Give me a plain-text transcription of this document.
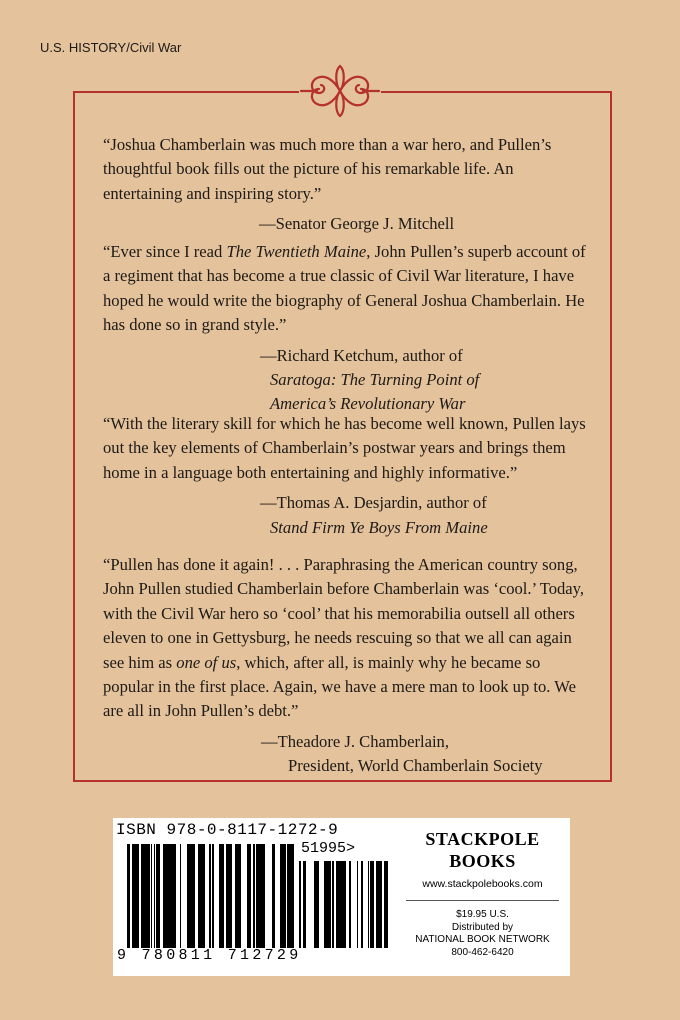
U.S. HISTORY/Civil War

“Joshua Chamberlain was much more than a war hero, and Pullen’s thoughtful book fills out the picture of his remarkable life. An entertaining and inspiring story.”

—Senator George J. Mitchell

“Ever since I read The Twentieth Maine, John Pullen’s superb account of a regiment that has become a true classic of Civil War literature, I have hoped he would write the biography of General Joshua Chamberlain. He has done so in grand style.”

—Richard Ketchum, author of
Saratoga: The Turning Point of
America’s Revolutionary War

“With the literary skill for which he has become well known, Pullen lays out the key elements of Chamberlain’s postwar years and brings them home in a language both entertaining and highly informative.”

—Thomas A. Desjardin, author of
Stand Firm Ye Boys From Maine

“Pullen has done it again! . . . Paraphrasing the American country song, John Pullen studied Chamberlain before Chamberlain was ‘cool.’ Today, with the Civil War hero so ‘cool’ that his memorabilia outsell all others eleven to one in Gettysburg, he needs rescuing so that we all can again see him as one of us, which, after all, is mainly why he became so popular in the first place. Again, we have a mere man to look up to. We are all in John Pullen’s debt.”

—Theadore J. Chamberlain,
President, World Chamberlain Society
ISBN 978-0-8117-1272-9
51995>
9 780811 712729
STACKPOLE
BOOKS
www.stackpolebooks.com
$19.95 U.S.
Distributed by
NATIONAL BOOK NETWORK
800-462-6420
